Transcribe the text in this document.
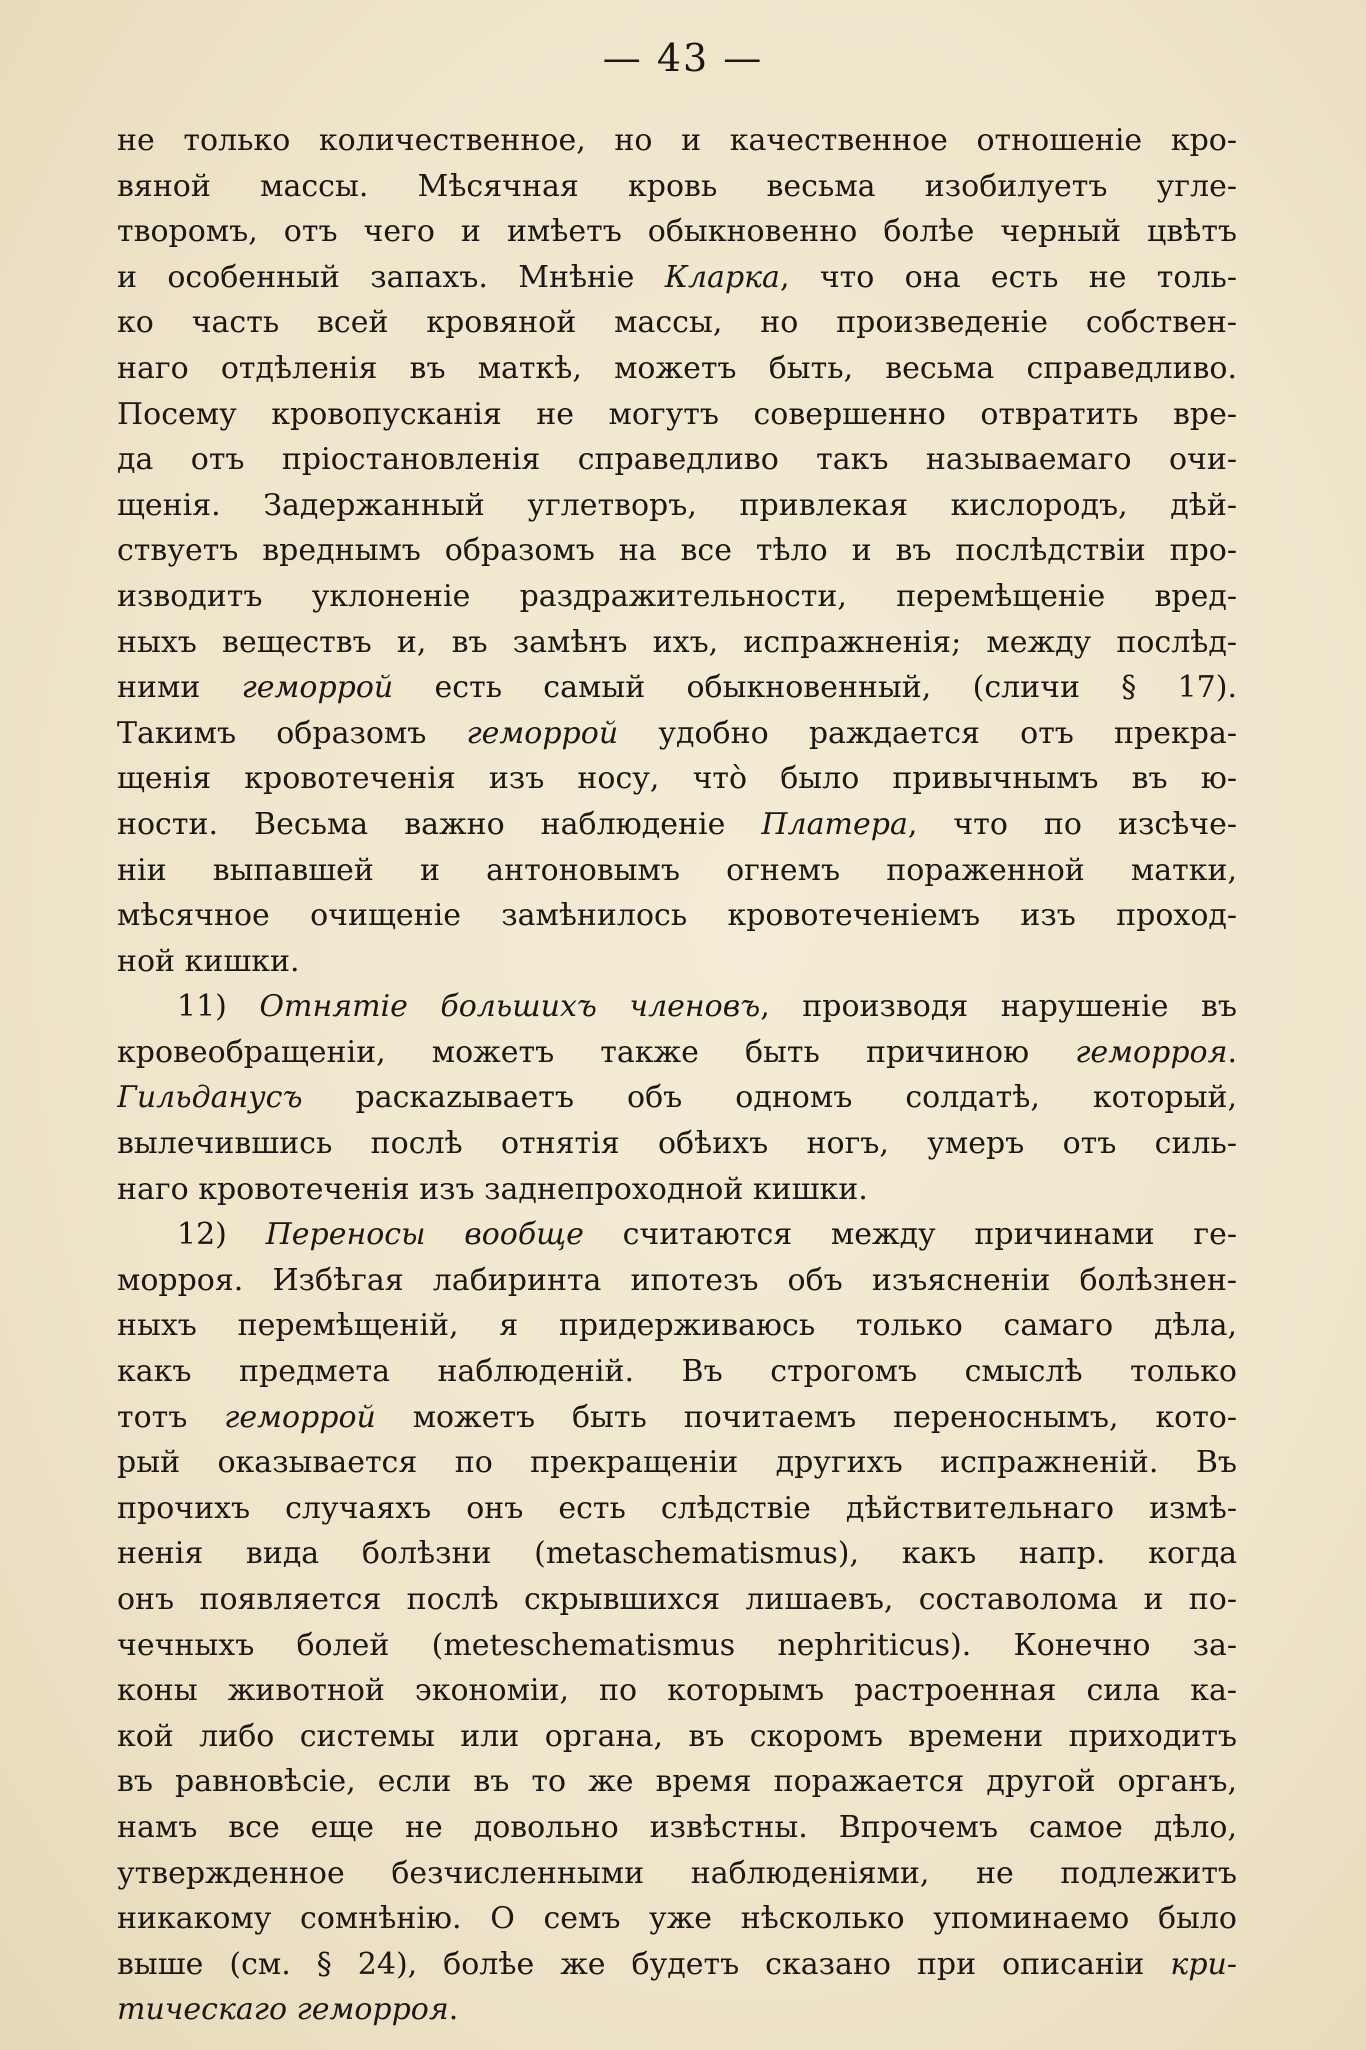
— 43 —
не только количественное, но и качественное отношеніе кро-
вяной массы. Мѣсячная кровь весьма изобилуетъ угле-
творомъ, отъ чего и имѣетъ обыкновенно болѣе черный цвѣтъ
и особенный запахъ. Мнѣніе Кларка, что она есть не толь-
ко часть всей кровяной массы, но произведеніе собствен-
наго отдѣленія въ маткѣ, можетъ быть, весьма справедливо.
Посему кровопусканія не могутъ совершенно отвратить вре-
да отъ пріостановленія справедливо такъ называемаго очи-
щенія. Задержанный углетворъ, привлекая кислородъ, дѣй-
ствуетъ вреднымъ образомъ на все тѣло и въ послѣдствіи про-
изводитъ уклоненіе раздражительности, перемѣщеніе вред-
ныхъ веществъ и, въ замѣнъ ихъ, испражненія; между послѣд-
ними геморрой есть самый обыкновенный, (сличи § 17).
Такимъ образомъ геморрой удобно раждается отъ прекра-
щенія кровотеченія изъ носу, что̀ было привычнымъ въ ю-
ности. Весьма важно наблюденіе Платера, что по изсѣче-
ніи выпавшей и антоновымъ огнемъ пораженной матки,
мѣсячное очищеніе замѣнилось кровотеченіемъ изъ проход-
ной кишки.
11) Отнятіе большихъ членовъ, производя нарушеніе въ
кровеобращеніи, можетъ также быть причиною геморроя.
Гильданусъ раскazываетъ объ одномъ солдатѣ, который,
вылечившись послѣ отнятія обѣихъ ногъ, умеръ отъ силь-
наго кровотеченія изъ заднепроходной кишки.
12) Переносы вообще считаются между причинами ге-
морроя. Избѣгая лабиринта ипотезъ объ изъясненіи болѣзнен-
ныхъ перемѣщеній, я придерживаюсь только самаго дѣла,
какъ предмета наблюденій. Въ строгомъ смыслѣ только
тотъ геморрой можетъ быть почитаемъ переноснымъ, кото-
рый оказывается по прекращеніи другихъ испражненій. Въ
прочихъ случаяхъ онъ есть слѣдствіе дѣйствительнаго измѣ-
ненія вида болѣзни (metaschematismus), какъ напр. когда
онъ появляется послѣ скрывшихся лишаевъ, составолома и по-
чечныхъ болей (meteschematismus nephriticus). Конечно за-
коны животной экономіи, по которымъ растроенная сила ка-
кой либо системы или органа, въ скоромъ времени приходитъ
въ равновѣсіе, если въ то же время поражается другой органъ,
намъ все еще не довольно извѣстны. Впрочемъ самое дѣло,
утвержденное безчисленными наблюденіями, не подлежитъ
никакому сомнѣнію. О семъ уже нѣсколько упоминаемо было
выше (см. § 24), болѣе же будетъ сказано при описаніи кри-
тическаго геморроя.
